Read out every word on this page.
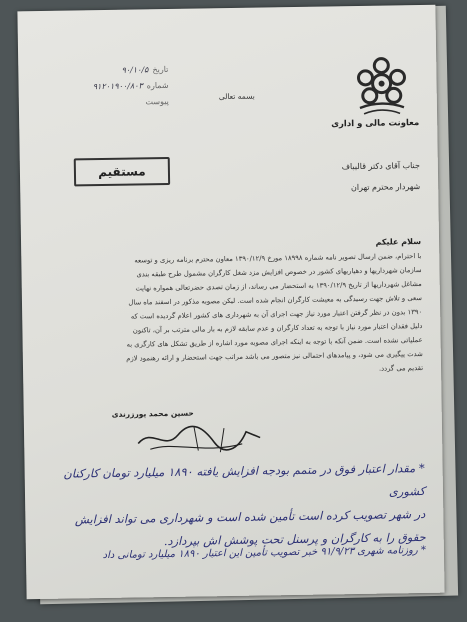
معاونت مالی و اداری
بسمه تعالی
تاریخ
۹۰/۱۰/۵
شماره
۹۱۲۰۱۹۰۰/۸۰۳
پیوست
مستقیم	جناب آقای دکتر قالیباف
شهردار محترم تهران
سلام علیکم

با احترام، ضمن ارسال تصویر نامه شماره ۱۸۹۹۸ مورخ ۱۳۹۰/۱۲/۹ معاون محترم برنامه ریزی و توسعه

سازمان شهرداریها و دهیاریهای کشور در خصوص افزایش مزد شغل کارگران مشمول طرح طبقه بندی

مشاغل شهرداریها از تاریخ ۱۳۹۰/۱۲/۹ به استحضار می رساند، از زمان تصدی حضرتعالی همواره نهایت

سعی و تلاش جهت رسیدگی به معیشت کارگران انجام شده است. لیکن مصوبه مذکور در اسفند ماه سال

۱۳۹۰ بدون در نظر گرفتن اعتبار مورد نیاز جهت اجرای آن به شهرداری های کشور اعلام گردیده است که

دلیل فقدان اعتبار مورد نیاز با توجه به تعداد کارگران و عدم سابقه لازم به بار مالی مترتب بر آن، تاکنون

عملیاتی نشده است. ضمن آنکه با توجه به اینکه اجرای مصوبه مورد اشاره از طریق تشکل های کارگری به

شدت پیگیری می شود، و پیامدهای احتمالی نیز متصور می باشد مراتب جهت استحضار و ارائه رهنمود لازم

تقدیم می گردد.

حسین محمد پورزرندی

* مقدار اعتبار فوق در متمم بودجه افزایش یافته ۱۸۹۰ میلیارد تومان کارکنان کشوری

در شهر تصویب کرده است تأمین شده است و شهرداری می تواند افزایش

حقوق را به کارگران و پرسنل تحت پوشش اش بپردازد.

* روزنامه شهری ۹۱/۹/۲۳ خبر تصویب تأمین این اعتبار ۱۸۹۰ میلیارد تومانی داد
